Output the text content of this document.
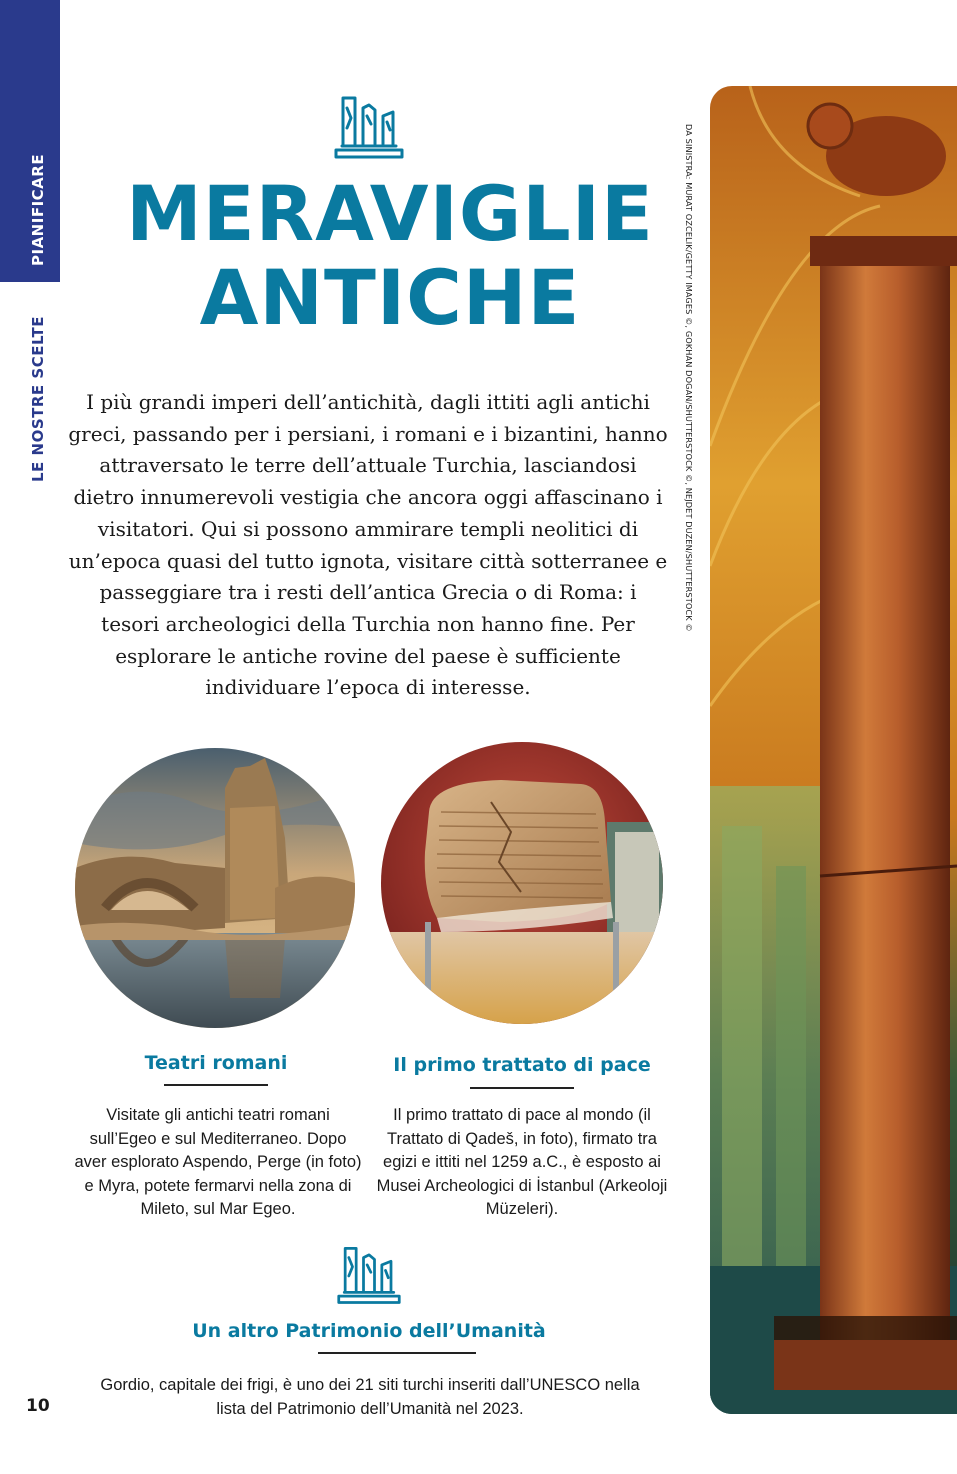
PIANIFICARE
LE NOSTRE SCELTE
MERAVIGLIE
ANTICHE

I più grandi imperi dell’antichità, dagli ittiti agli antichi greci, passando per i persiani, i romani e i bizantini, hanno attraversato le terre dell’attuale Turchia, lasciandosi dietro innumerevoli vestigia che ancora oggi affascinano i visitatori. Qui si possono ammirare templi neolitici di un’epoca quasi del tutto ignota, visitare città sotterranee e passeggiare tra i resti dell’antica Grecia o di Roma: i tesori archeologici della Turchia non hanno fine. Per esplorare le antiche rovine del paese è sufficiente individuare l’epoca di interesse.

Teatri romani

Visitate gli antichi teatri romani sull’Egeo e sul Mediterraneo. Dopo aver esplorato Aspendo, Perge (in foto) e Myra, potete fermarvi nella zona di Mileto, sul Mar Egeo.

Il primo trattato di pace

Il primo trattato di pace al mondo (il Trattato di Qadeš, in foto), firmato tra egizi e ittiti nel 1259 a.C., è esposto ai Musei Archeologici di İstanbul (Arkeoloji Müzeleri).

Un altro Patrimonio dell’Umanità

Gordio, capitale dei frigi, è uno dei 21 siti turchi inseriti dall’UNESCO nella lista del Patrimonio dell’Umanità nel 2023.

10
DA SINISTRA: MURAT OZCELIK/GETTY IMAGES ©, GOKHAN DOGAN/SHUTTERSTOCK ©, NEJDET DUZEN/SHUTTERSTOCK ©
